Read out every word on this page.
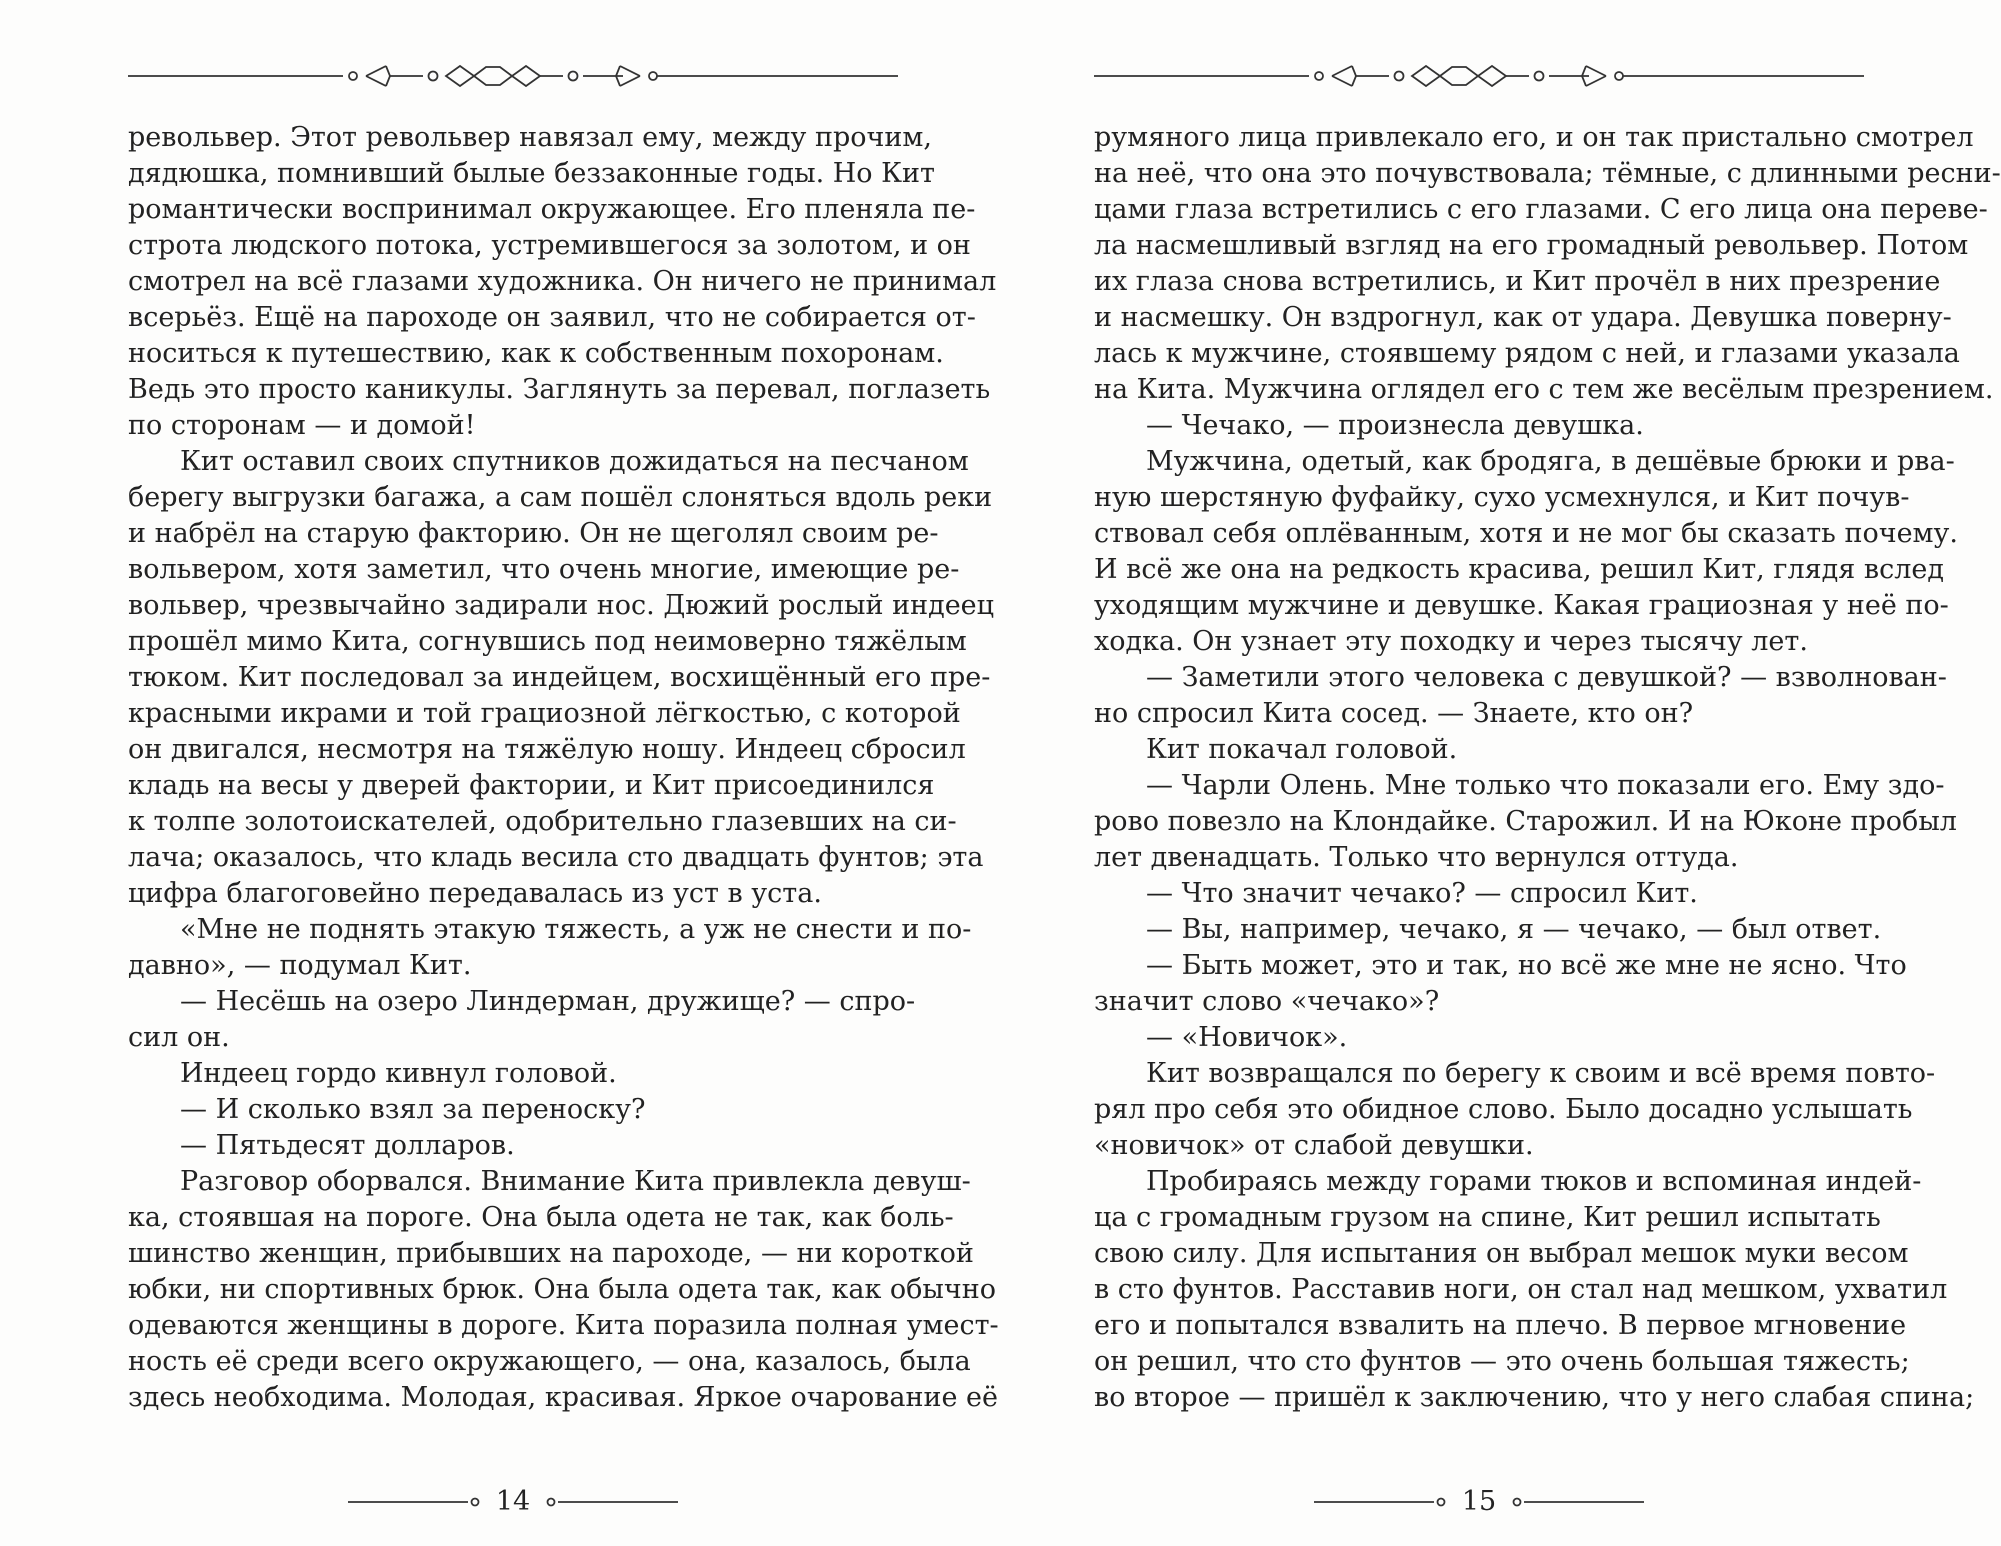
револьвер. Этот револьвер навязал ему, между прочим,
дядюшка, помнивший былые беззаконные годы. Но Кит
романтически воспринимал окружающее. Его пленяла пе-
строта людского потока, устремившегося за золотом, и он
смотрел на всё глазами художника. Он ничего не принимал
всерьёз. Ещё на пароходе он заявил, что не собирается от-
носиться к путешествию, как к собственным похоронам.
Ведь это просто каникулы. Заглянуть за перевал, поглазеть
по сторонам — и домой!
Кит оставил своих спутников дожидаться на песчаном
берегу выгрузки багажа, а сам пошёл слоняться вдоль реки
и набрёл на старую факторию. Он не щеголял своим ре-
вольвером, хотя заметил, что очень многие, имеющие ре-
вольвер, чрезвычайно задирали нос. Дюжий рослый индеец
прошёл мимо Кита, согнувшись под неимоверно тяжёлым
тюком. Кит последовал за индейцем, восхищённый его пре-
красными икрами и той грациозной лёгкостью, с которой
он двигался, несмотря на тяжёлую ношу. Индеец сбросил
кладь на весы у дверей фактории, и Кит присоединился
к толпе золотоискателей, одобрительно глазевших на си-
лача; оказалось, что кладь весила сто двадцать фунтов; эта
цифра благоговейно передавалась из уст в уста.
«Мне не поднять этакую тяжесть, а уж не снести и по-
давно», — подумал Кит.
— Несёшь на озеро Линдерман, дружище? — спро-
сил он.
Индеец гордо кивнул головой.
— И сколько взял за переноску?
— Пятьдесят долларов.
Разговор оборвался. Внимание Кита привлекла девуш-
ка, стоявшая на пороге. Она была одета не так, как боль-
шинство женщин, прибывших на пароходе, — ни короткой
юбки, ни спортивных брюк. Она была одета так, как обычно
одеваются женщины в дороге. Кита поразила полная умест-
ность её среди всего окружающего, — она, казалось, была
здесь необходима. Молодая, красивая. Яркое очарование её
14
румяного лица привлекало его, и он так пристально смотрел
на неё, что она это почувствовала; тёмные, с длинными ресни-
цами глаза встретились с его глазами. С его лица она переве-
ла насмешливый взгляд на его громадный револьвер. Потом
их глаза снова встретились, и Кит прочёл в них презрение
и насмешку. Он вздрогнул, как от удара. Девушка поверну-
лась к мужчине, стоявшему рядом с ней, и глазами указала
на Кита. Мужчина оглядел его с тем же весёлым презрением.
— Чечако, — произнесла девушка.
Мужчина, одетый, как бродяга, в дешёвые брюки и рва-
ную шерстяную фуфайку, сухо усмехнулся, и Кит почув-
ствовал себя оплёванным, хотя и не мог бы сказать почему.
И всё же она на редкость красива, решил Кит, глядя вслед
уходящим мужчине и девушке. Какая грациозная у неё по-
ходка. Он узнает эту походку и через тысячу лет.
— Заметили этого человека с девушкой? — взволнован-
но спросил Кита сосед. — Знаете, кто он?
Кит покачал головой.
— Чарли Олень. Мне только что показали его. Ему здо-
рово повезло на Клондайке. Старожил. И на Юконе пробыл
лет двенадцать. Только что вернулся оттуда.
— Что значит чечако? — спросил Кит.
— Вы, например, чечако, я — чечако, — был ответ.
— Быть может, это и так, но всё же мне не ясно. Что
значит слово «чечако»?
— «Новичок».
Кит возвращался по берегу к своим и всё время повто-
рял про себя это обидное слово. Было досадно услышать
«новичок» от слабой девушки.
Пробираясь между горами тюков и вспоминая индей-
ца с громадным грузом на спине, Кит решил испытать
свою силу. Для испытания он выбрал мешок муки весом
в сто фунтов. Расставив ноги, он стал над мешком, ухватил
его и попытался взвалить на плечо. В первое мгновение
он решил, что сто фунтов — это очень большая тяжесть;
во второе — пришёл к заключению, что у него слабая спина;
15
